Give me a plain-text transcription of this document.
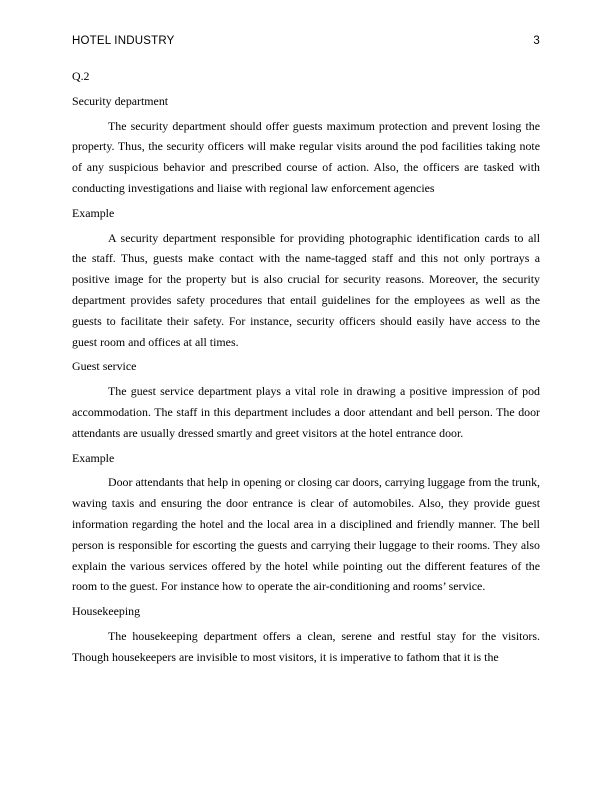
HOTEL INDUSTRY	3

Q.2

Security department

The security department should offer guests maximum protection and prevent losing the property. Thus, the security officers will make regular visits around the pod facilities taking note of any suspicious behavior and prescribed course of action. Also, the officers are tasked with conducting investigations and liaise with regional law enforcement agencies

Example

A security department responsible for providing photographic identification cards to all the staff. Thus, guests make contact with the name-tagged staff and this not only portrays a positive image for the property but is also crucial for security reasons. Moreover, the security department provides safety procedures that entail guidelines for the employees as well as the guests to facilitate their safety. For instance, security officers should easily have access to the guest room and offices at all times.

Guest service

The guest service department plays a vital role in drawing a positive impression of pod accommodation. The staff in this department includes a door attendant and bell person. The door attendants are usually dressed smartly and greet visitors at the hotel entrance door.

Example

Door attendants that help in opening or closing car doors, carrying luggage from the trunk, waving taxis and ensuring the door entrance is clear of automobiles. Also, they provide guest information regarding the hotel and the local area in a disciplined and friendly manner. The bell person is responsible for escorting the guests and carrying their luggage to their rooms. They also explain the various services offered by the hotel while pointing out the different features of the room to the guest. For instance how to operate the air-conditioning and rooms’ service.

Housekeeping

The housekeeping department offers a clean, serene and restful stay for the visitors. Though housekeepers are invisible to most visitors, it is imperative to fathom that it is the
